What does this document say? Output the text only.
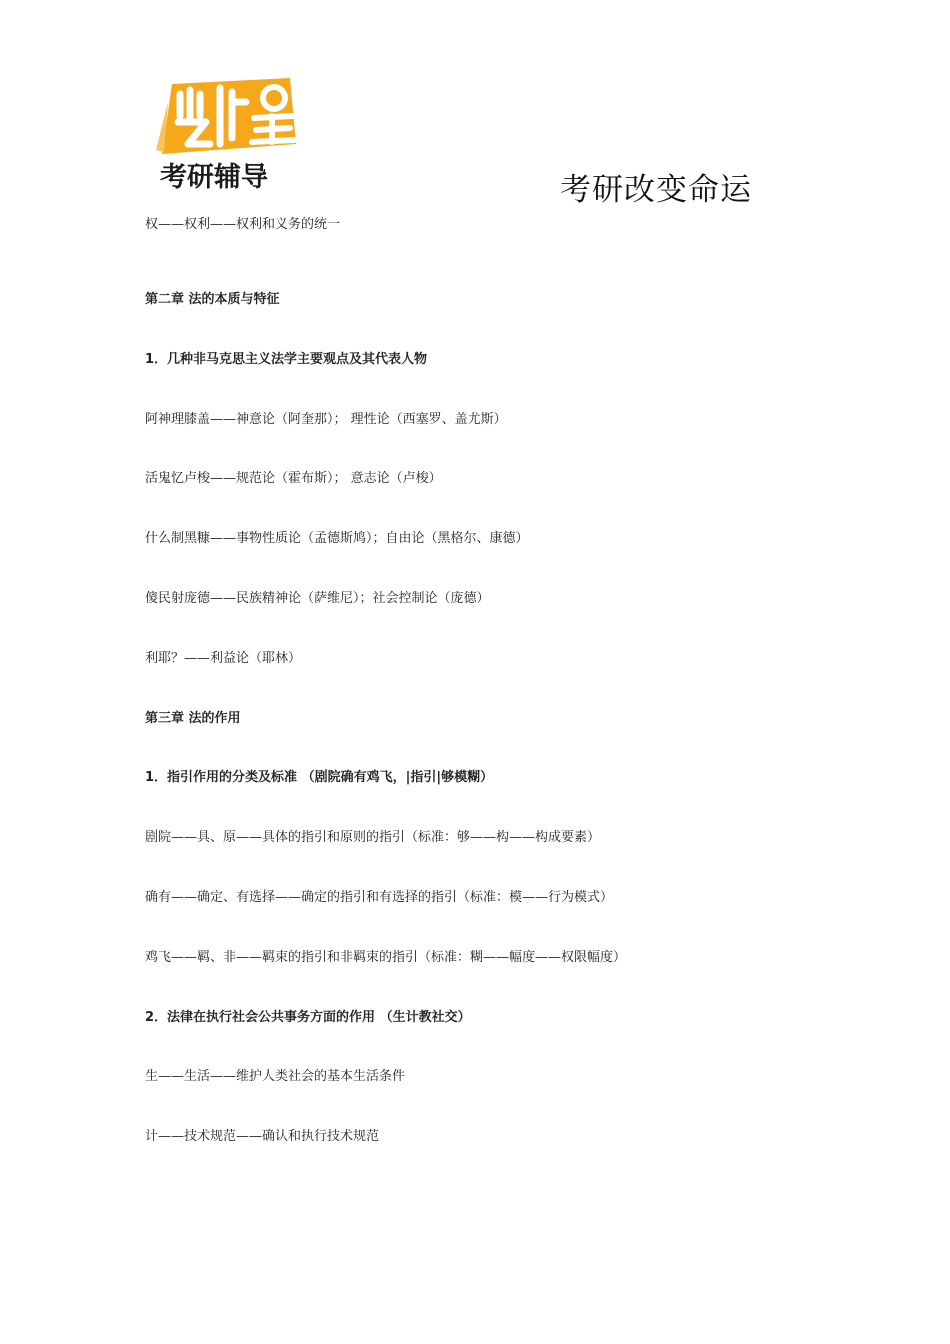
考研辅导	考研改变命运
权——权利——权利和义务的统一
第二章 法的本质与特征
1．几种非马克思主义法学主要观点及其代表人物
阿神理膝盖——神意论（阿奎那）； 理性论（西塞罗、盖尤斯）
活鬼忆卢梭——规范论（霍布斯）； 意志论（卢梭）
什么制黑糠——事物性质论（孟德斯鸠）；自由论（黑格尔、康德）
傻民射庞德——民族精神论（萨维尼）；社会控制论（庞德）
利耶？——利益论（耶林）
第三章 法的作用
1．指引作用的分类及标准 （剧院确有鸡飞，|指引|够模糊）
剧院——具、原——具体的指引和原则的指引（标准：够——构——构成要素）
确有——确定、有选择——确定的指引和有选择的指引（标准：模——行为模式）
鸡飞——羁、非——羁束的指引和非羁束的指引（标准：糊——幅度——权限幅度）
2．法律在执行社会公共事务方面的作用 （生计教社交）
生——生活——维护人类社会的基本生活条件
计——技术规范——确认和执行技术规范
